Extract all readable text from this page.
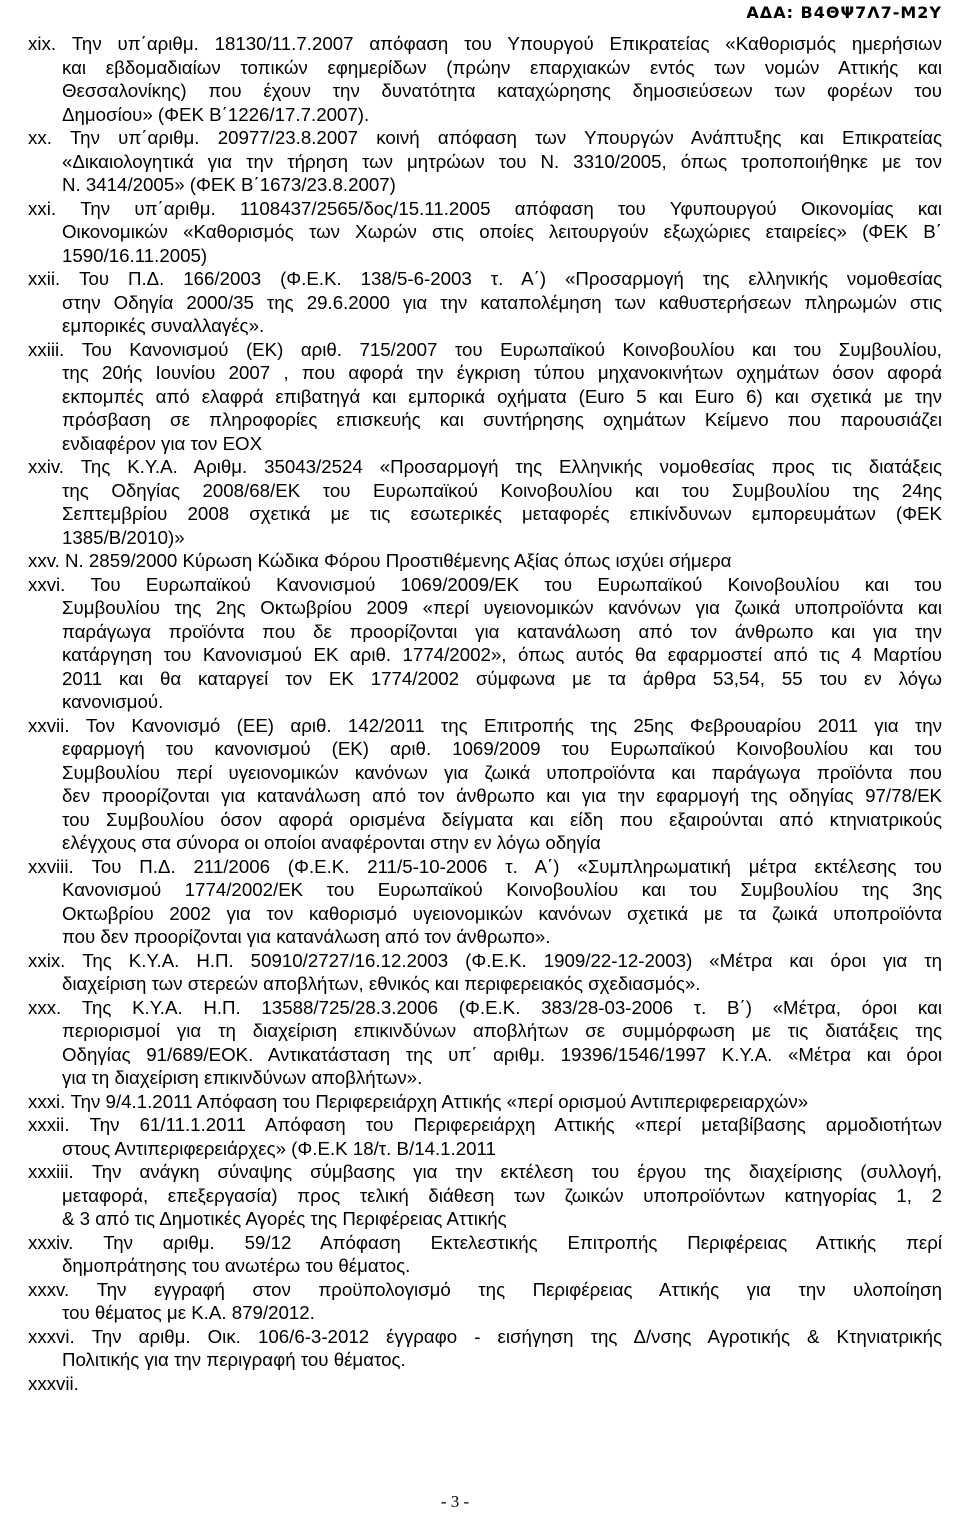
ΑΔΑ: Β4ΘΨ7Λ7-Μ2Υ
xix. Την υπ΄αριθμ. 18130/11.7.2007 απόφαση του Υπουργού Επικρατείας «Καθορισμός ημερήσιων
και εβδομαδιαίων τοπικών εφημερίδων (πρώην επαρχιακών εντός των νομών Αττικής και
Θεσσαλονίκης) που έχουν την δυνατότητα καταχώρησης δημοσιεύσεων των φορέων του
Δημοσίου» (ΦΕΚ Β΄1226/17.7.2007).
xx. Την υπ΄αριθμ. 20977/23.8.2007 κοινή απόφαση των Υπουργών Ανάπτυξης και Επικρατείας
«Δικαιολογητικά για την τήρηση των μητρώων του Ν. 3310/2005, όπως τροποποιήθηκε με τον
Ν. 3414/2005» (ΦΕΚ Β΄1673/23.8.2007)
xxi. Την υπ΄αριθμ. 1108437/2565/δος/15.11.2005 απόφαση του Υφυπουργού Οικονομίας και
Οικονομικών «Καθορισμός των Χωρών στις οποίες λειτουργούν εξωχώριες εταιρείες» (ΦΕΚ Β΄
1590/16.11.2005)
xxii. Του Π.Δ. 166/2003 (Φ.Ε.Κ. 138/5-6-2003 τ. Α΄) «Προσαρμογή της ελληνικής νομοθεσίας
στην Οδηγία 2000/35 της 29.6.2000 για την καταπολέμηση των καθυστερήσεων πληρωμών στις
εμπορικές συναλλαγές».
xxiii. Του Κανονισμού (ΕΚ) αριθ. 715/2007 του Ευρωπαϊκού Κοινοβουλίου και του Συμβουλίου,
της 20ής Ιουνίου 2007 , που αφορά την έγκριση τύπου μηχανοκινήτων οχημάτων όσον αφορά
εκπομπές από ελαφρά επιβατηγά και εμπορικά οχήματα (Euro 5 και Euro 6) και σχετικά με την
πρόσβαση σε πληροφορίες επισκευής και συντήρησης οχημάτων Κείμενο που παρουσιάζει
ενδιαφέρον για τον ΕΟΧ
xxiv. Της Κ.Υ.Α. Αριθμ. 35043/2524 «Προσαρμογή της Ελληνικής νομοθεσίας προς τις διατάξεις
της Οδηγίας 2008/68/ΕΚ του Ευρωπαϊκού Κοινοβουλίου και του Συμβουλίου της 24ης
Σεπτεμβρίου 2008 σχετικά με τις εσωτερικές μεταφορές επικίνδυνων εμπορευμάτων (ΦΕΚ
1385/Β/2010)»
xxv. Ν. 2859/2000 Κύρωση Κώδικα Φόρου Προστιθέμενης Αξίας όπως ισχύει σήμερα
xxvi. Του Ευρωπαϊκού Κανονισμού 1069/2009/ΕΚ του Ευρωπαϊκού Κοινοβουλίου και του
Συμβουλίου της 2ης Οκτωβρίου 2009 «περί υγειονομικών κανόνων για ζωικά υποπροϊόντα και
παράγωγα προϊόντα που δε προορίζονται για κατανάλωση από τον άνθρωπο και για την
κατάργηση του Κανονισμού ΕΚ αριθ. 1774/2002», όπως αυτός θα εφαρμοστεί από τις 4 Μαρτίου
2011 και θα καταργεί τον ΕΚ 1774/2002 σύμφωνα με τα άρθρα 53,54, 55 του εν λόγω
κανονισμού.
xxvii. Τον Κανονισμό (ΕΕ) αριθ. 142/2011 της Επιτροπής της 25ης Φεβρουαρίου 2011 για την
εφαρμογή του κανονισμού (ΕΚ) αριθ. 1069/2009 του Ευρωπαϊκού Κοινοβουλίου και του
Συμβουλίου περί υγειονομικών κανόνων για ζωικά υποπροϊόντα και παράγωγα προϊόντα που
δεν προορίζονται για κατανάλωση από τον άνθρωπο και για την εφαρμογή της οδηγίας 97/78/ΕΚ
του Συμβουλίου όσον αφορά ορισμένα δείγματα και είδη που εξαιρούνται από κτηνιατρικούς
ελέγχους στα σύνορα οι οποίοι αναφέρονται στην εν λόγω οδηγία
xxviii. Του Π.Δ. 211/2006 (Φ.Ε.Κ. 211/5-10-2006 τ. Α΄) «Συμπληρωματική μέτρα εκτέλεσης του
Κανονισμού 1774/2002/ΕΚ του Ευρωπαϊκού Κοινοβουλίου και του Συμβουλίου της 3ης
Οκτωβρίου 2002 για τον καθορισμό υγειονομικών κανόνων σχετικά με τα ζωικά υποπροϊόντα
που δεν προορίζονται για κατανάλωση από τον άνθρωπο».
xxix. Της Κ.Υ.Α. Η.Π. 50910/2727/16.12.2003 (Φ.Ε.Κ. 1909/22-12-2003) «Μέτρα και όροι για τη
διαχείριση των στερεών αποβλήτων, εθνικός και περιφερειακός σχεδιασμός».
xxx. Της Κ.Υ.Α. Η.Π. 13588/725/28.3.2006 (Φ.Ε.Κ. 383/28-03-2006 τ. Β΄) «Μέτρα, όροι και
περιορισμοί για τη διαχείριση επικινδύνων αποβλήτων σε συμμόρφωση με τις διατάξεις της
Οδηγίας 91/689/ΕΟΚ. Αντικατάσταση της υπ΄ αριθμ. 19396/1546/1997 Κ.Υ.Α. «Μέτρα και όροι
για τη διαχείριση επικινδύνων αποβλήτων».
xxxi. Την 9/4.1.2011 Απόφαση του Περιφερειάρχη Αττικής «περί ορισμού Αντιπεριφερειαρχών»
xxxii. Την 61/11.1.2011 Απόφαση του Περιφερειάρχη Αττικής «περί μεταβίβασης αρμοδιοτήτων
στους Αντιπεριφερειάρχες» (Φ.Ε.Κ 18/τ. Β/14.1.2011
xxxiii. Την ανάγκη σύναψης σύμβασης για την εκτέλεση του έργου της διαχείρισης (συλλογή,
μεταφορά, επεξεργασία) προς τελική διάθεση των ζωικών υποπροϊόντων κατηγορίας 1, 2
& 3 από τις Δημοτικές Αγορές της Περιφέρειας Αττικής
xxxiv. Την αριθμ. 59/12 Απόφαση Εκτελεστικής Επιτροπής Περιφέρειας Αττικής περί
δημοπράτησης του ανωτέρω του θέματος.
xxxv. Την εγγραφή στον προϋπολογισμό της Περιφέρειας Αττικής για την υλοποίηση
του θέματος με Κ.Α. 879/2012.
xxxvi. Την αριθμ. Οικ. 106/6-3-2012 έγγραφο - εισήγηση της Δ/νσης Αγροτικής & Κτηνιατρικής
Πολιτικής για την περιγραφή του θέματος.
xxxvii.
- 3 -
